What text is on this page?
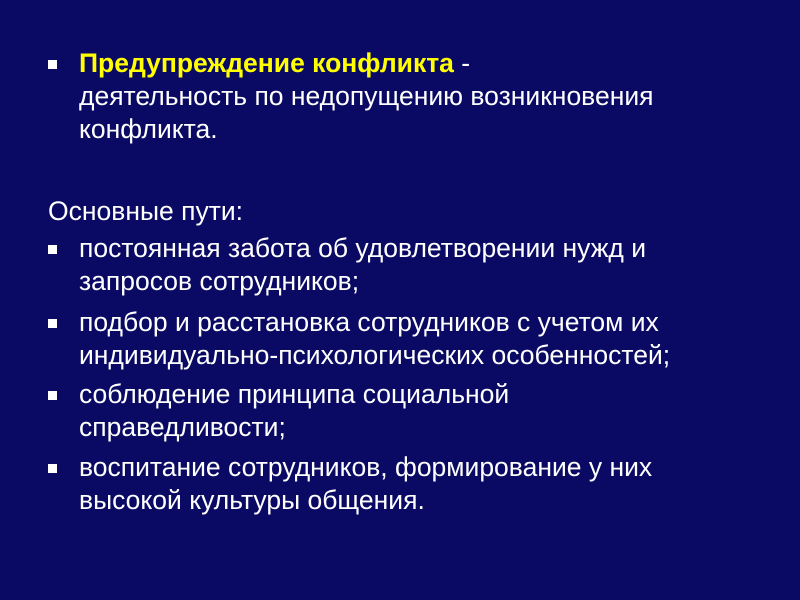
Предупреждение конфликта -
деятельность по недопущению возникновения
конфликта.
Основные пути:
постоянная забота об удовлетворении нужд и
запросов сотрудников;
подбор и расстановка сотрудников с учетом их
индивидуально-психологических особенностей;
соблюдение принципа социальной
справедливости;
воспитание сотрудников, формирование у них
высокой культуры общения.
